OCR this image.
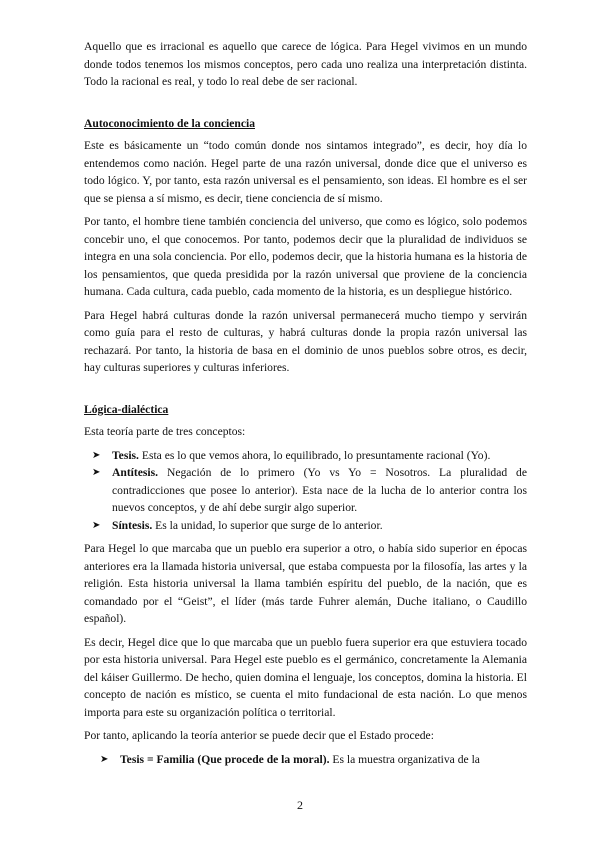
Aquello que es irracional es aquello que carece de lógica. Para Hegel vivimos en un mundo donde todos tenemos los mismos conceptos, pero cada uno realiza una interpretación distinta. Todo la racional es real, y todo lo real debe de ser racional.

Autoconocimiento de la conciencia

Este es básicamente un “todo común donde nos sintamos integrado”, es decir, hoy día lo entendemos como nación. Hegel parte de una razón universal, donde dice que el universo es todo lógico. Y, por tanto, esta razón universal es el pensamiento, son ideas. El hombre es el ser que se piensa a sí mismo, es decir, tiene conciencia de sí mismo.

Por tanto, el hombre tiene también conciencia del universo, que como es lógico, solo podemos concebir uno, el que conocemos. Por tanto, podemos decir que la pluralidad de individuos se integra en una sola conciencia. Por ello, podemos decir, que la historia humana es la historia de los pensamientos, que queda presidida por la razón universal que proviene de la conciencia humana. Cada cultura, cada pueblo, cada momento de la historia, es un despliegue histórico.

Para Hegel habrá culturas donde la razón universal permanecerá mucho tiempo y servirán como guía para el resto de culturas, y habrá culturas donde la propia razón universal las rechazará. Por tanto, la historia de basa en el dominio de unos pueblos sobre otros, es decir, hay culturas superiores y culturas inferiores.

Lógica-dialéctica

Esta teoría parte de tres conceptos:

➤ Tesis. Esta es lo que vemos ahora, lo equilibrado, lo presuntamente racional (Yo).
➤ Antítesis. Negación de lo primero (Yo vs Yo = Nosotros. La pluralidad de contradicciones que posee lo anterior). Esta nace de la lucha de lo anterior contra los nuevos conceptos, y de ahí debe surgir algo superior.
➤ Síntesis. Es la unidad, lo superior que surge de lo anterior.

Para Hegel lo que marcaba que un pueblo era superior a otro, o había sido superior en épocas anteriores era la llamada historia universal, que estaba compuesta por la filosofía, las artes y la religión. Esta historia universal la llama también espíritu del pueblo, de la nación, que es comandado por el “Geist”, el líder (más tarde Fuhrer alemán, Duche italiano, o Caudillo español).

Es decir, Hegel dice que lo que marcaba que un pueblo fuera superior era que estuviera tocado por esta historia universal. Para Hegel este pueblo es el germánico, concretamente la Alemania del káiser Guillermo. De hecho, quien domina el lenguaje, los conceptos, domina la historia. El concepto de nación es místico, se cuenta el mito fundacional de esta nación. Lo que menos importa para este su organización política o territorial.

Por tanto, aplicando la teoría anterior se puede decir que el Estado procede:

➤ Tesis = Familia (Que procede de la moral). Es la muestra organizativa de la
2
